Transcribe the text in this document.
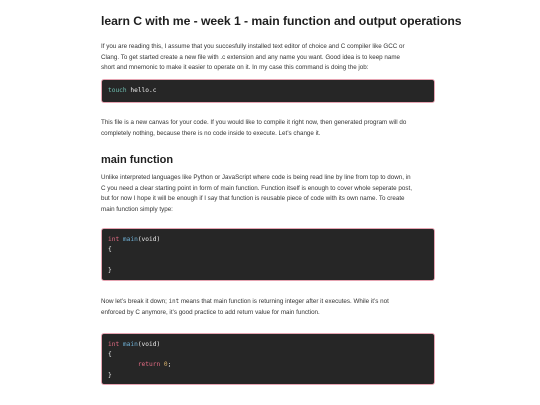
learn C with me - week 1 - main function and output operations

If you are reading this, I assume that you succesfully installed text editor of choice and C compiler like GCC or
Clang. To get started create a new file with .c extension and any name you want. Good idea is to keep name
short and mnemonic to make it easier to operate on it. In my case this command is doing the job:

touch hello.c

This file is a new canvas for your code. If you would like to compile it right now, then generated program will do
completely nothing, because there is no code inside to execute. Let’s change it.

main function

Unlike interpreted languages like Python or JavaScript where code is being read line by line from top to down, in
C you need a clear starting point in form of main function. Function itself is enough to cover whole seperate post,
but for now I hope it will be enough if I say that function is reusable piece of code with its own name. To create
main function simply type:

int main(void)
{
}

Now let’s break it down; int means that main function is returning integer after it executes. While it’s not
enforced by C anymore, it’s good practice to add return value for main function.

int main(void)
{
return 0;
}
